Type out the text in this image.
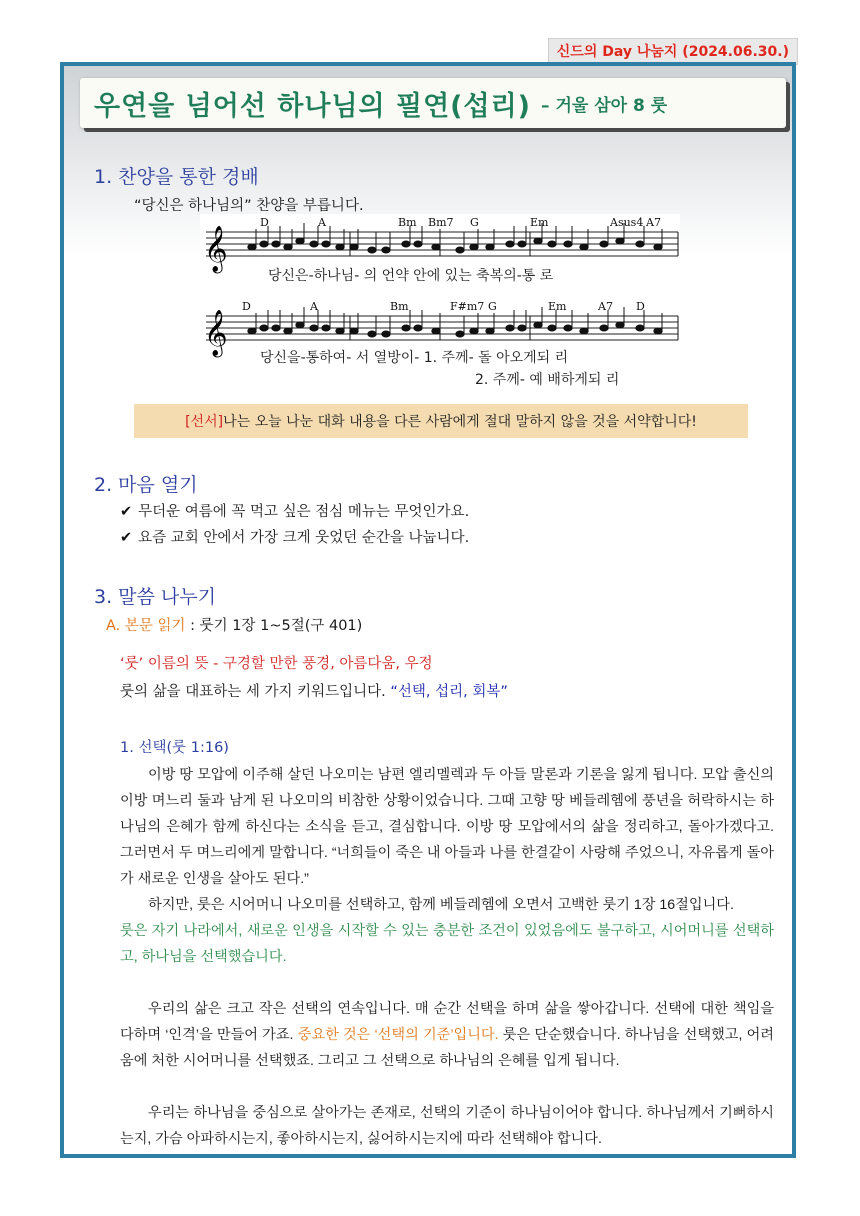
신드의 Day 나눔지 (2024.06.30.)
우연을 넘어선 하나님의 필연(섭리) – 거울 삼아 8 룻
1. 찬양을 통한 경배
“당신은 하나님의” 찬양을 부릅니다.
𝄞
𝄞
D	A	Bm Bm7 G	Em	Asus4 A7
D	A	Bm	F#m7 G	Em	A7 D
당신은-하나님- 의 언약 안에 있는 축복의-통 로
당신을-통하여- 서 열방이- 1. 주께- 돌 아오게되 리
2. 주께- 예 배하게되 리
[선서] 나는 오늘 나눈 대화 내용을 다른 사람에게 절대 말하지 않을 것을 서약합니다!
2. 마음 열기
✔ 무더운 여름에 꼭 먹고 싶은 점심 메뉴는 무엇인가요.
✔ 요즘 교회 안에서 가장 크게 웃었던 순간을 나눕니다.
3. 말씀 나누기
A. 본문 읽기 : 룻기 1장 1~5절(구 401)
‘룻’ 이름의 뜻 - 구경할 만한 풍경, 아름다움, 우정
룻의 삶을 대표하는 세 가지 키워드입니다. “선택, 섭리, 회복”
1. 선택(룻 1:16)

이방 땅 모압에 이주해 살던 나오미는 남편 엘리멜렉과 두 아들 말론과 기론을 잃게 됩니다. 모압 출신의 이방 며느리 둘과 남게 된 나오미의 비참한 상황이었습니다. 그때 고향 땅 베들레헴에 풍년을 허락하시는 하나님의 은혜가 함께 하신다는 소식을 듣고, 결심합니다. 이방 땅 모압에서의 삶을 정리하고, 돌아가겠다고. 그러면서 두 며느리에게 말합니다. “너희들이 죽은 내 아들과 나를 한결같이 사랑해 주었으니, 자유롭게 돌아가 새로운 인생을 살아도 된다.”

하지만, 룻은 시어머니 나오미를 선택하고, 함께 베들레헴에 오면서 고백한 룻기 1장 16절입니다.

룻은 자기 나라에서, 새로운 인생을 시작할 수 있는 충분한 조건이 있었음에도 불구하고, 시어머니를 선택하고, 하나님을 선택했습니다.

우리의 삶은 크고 작은 선택의 연속입니다. 매 순간 선택을 하며 삶을 쌓아갑니다. 선택에 대한 책임을 다하며 ‘인격’을 만들어 가죠. 중요한 것은 ‘선택의 기준’입니다. 룻은 단순했습니다. 하나님을 선택했고, 어려움에 처한 시어머니를 선택했죠. 그리고 그 선택으로 하나님의 은혜를 입게 됩니다.

우리는 하나님을 중심으로 살아가는 존재로, 선택의 기준이 하나님이어야 합니다. 하나님께서 기뻐하시는지, 가슴 아파하시는지, 좋아하시는지, 싫어하시는지에 따라 선택해야 합니다.
